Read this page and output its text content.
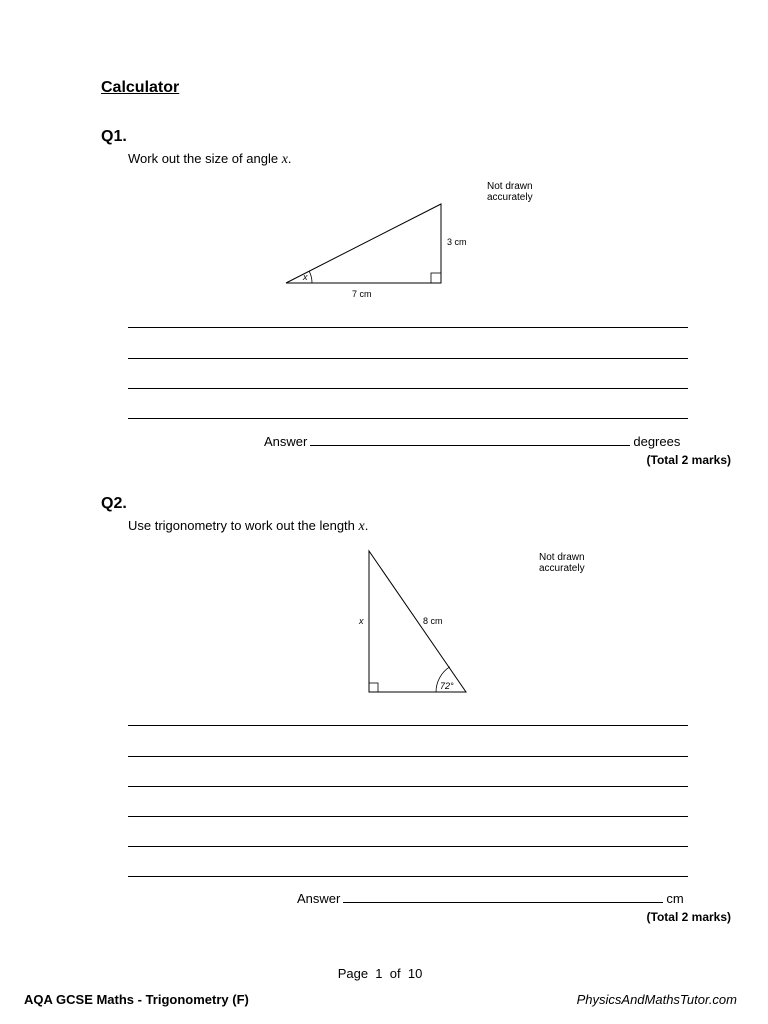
Calculator
Q1.
Work out the size of angle x.
Not drawn
accurately
x
3 cm
7 cm
Answer	degrees
(Total 2 marks)
Q2.
Use trigonometry to work out the length x.
Not drawn
accurately
x	8 cm
72°
Answer	cm
(Total 2 marks)
Page 1 of 10
AQA GCSE Maths - Trigonometry (F)	PhysicsAndMathsTutor.com
